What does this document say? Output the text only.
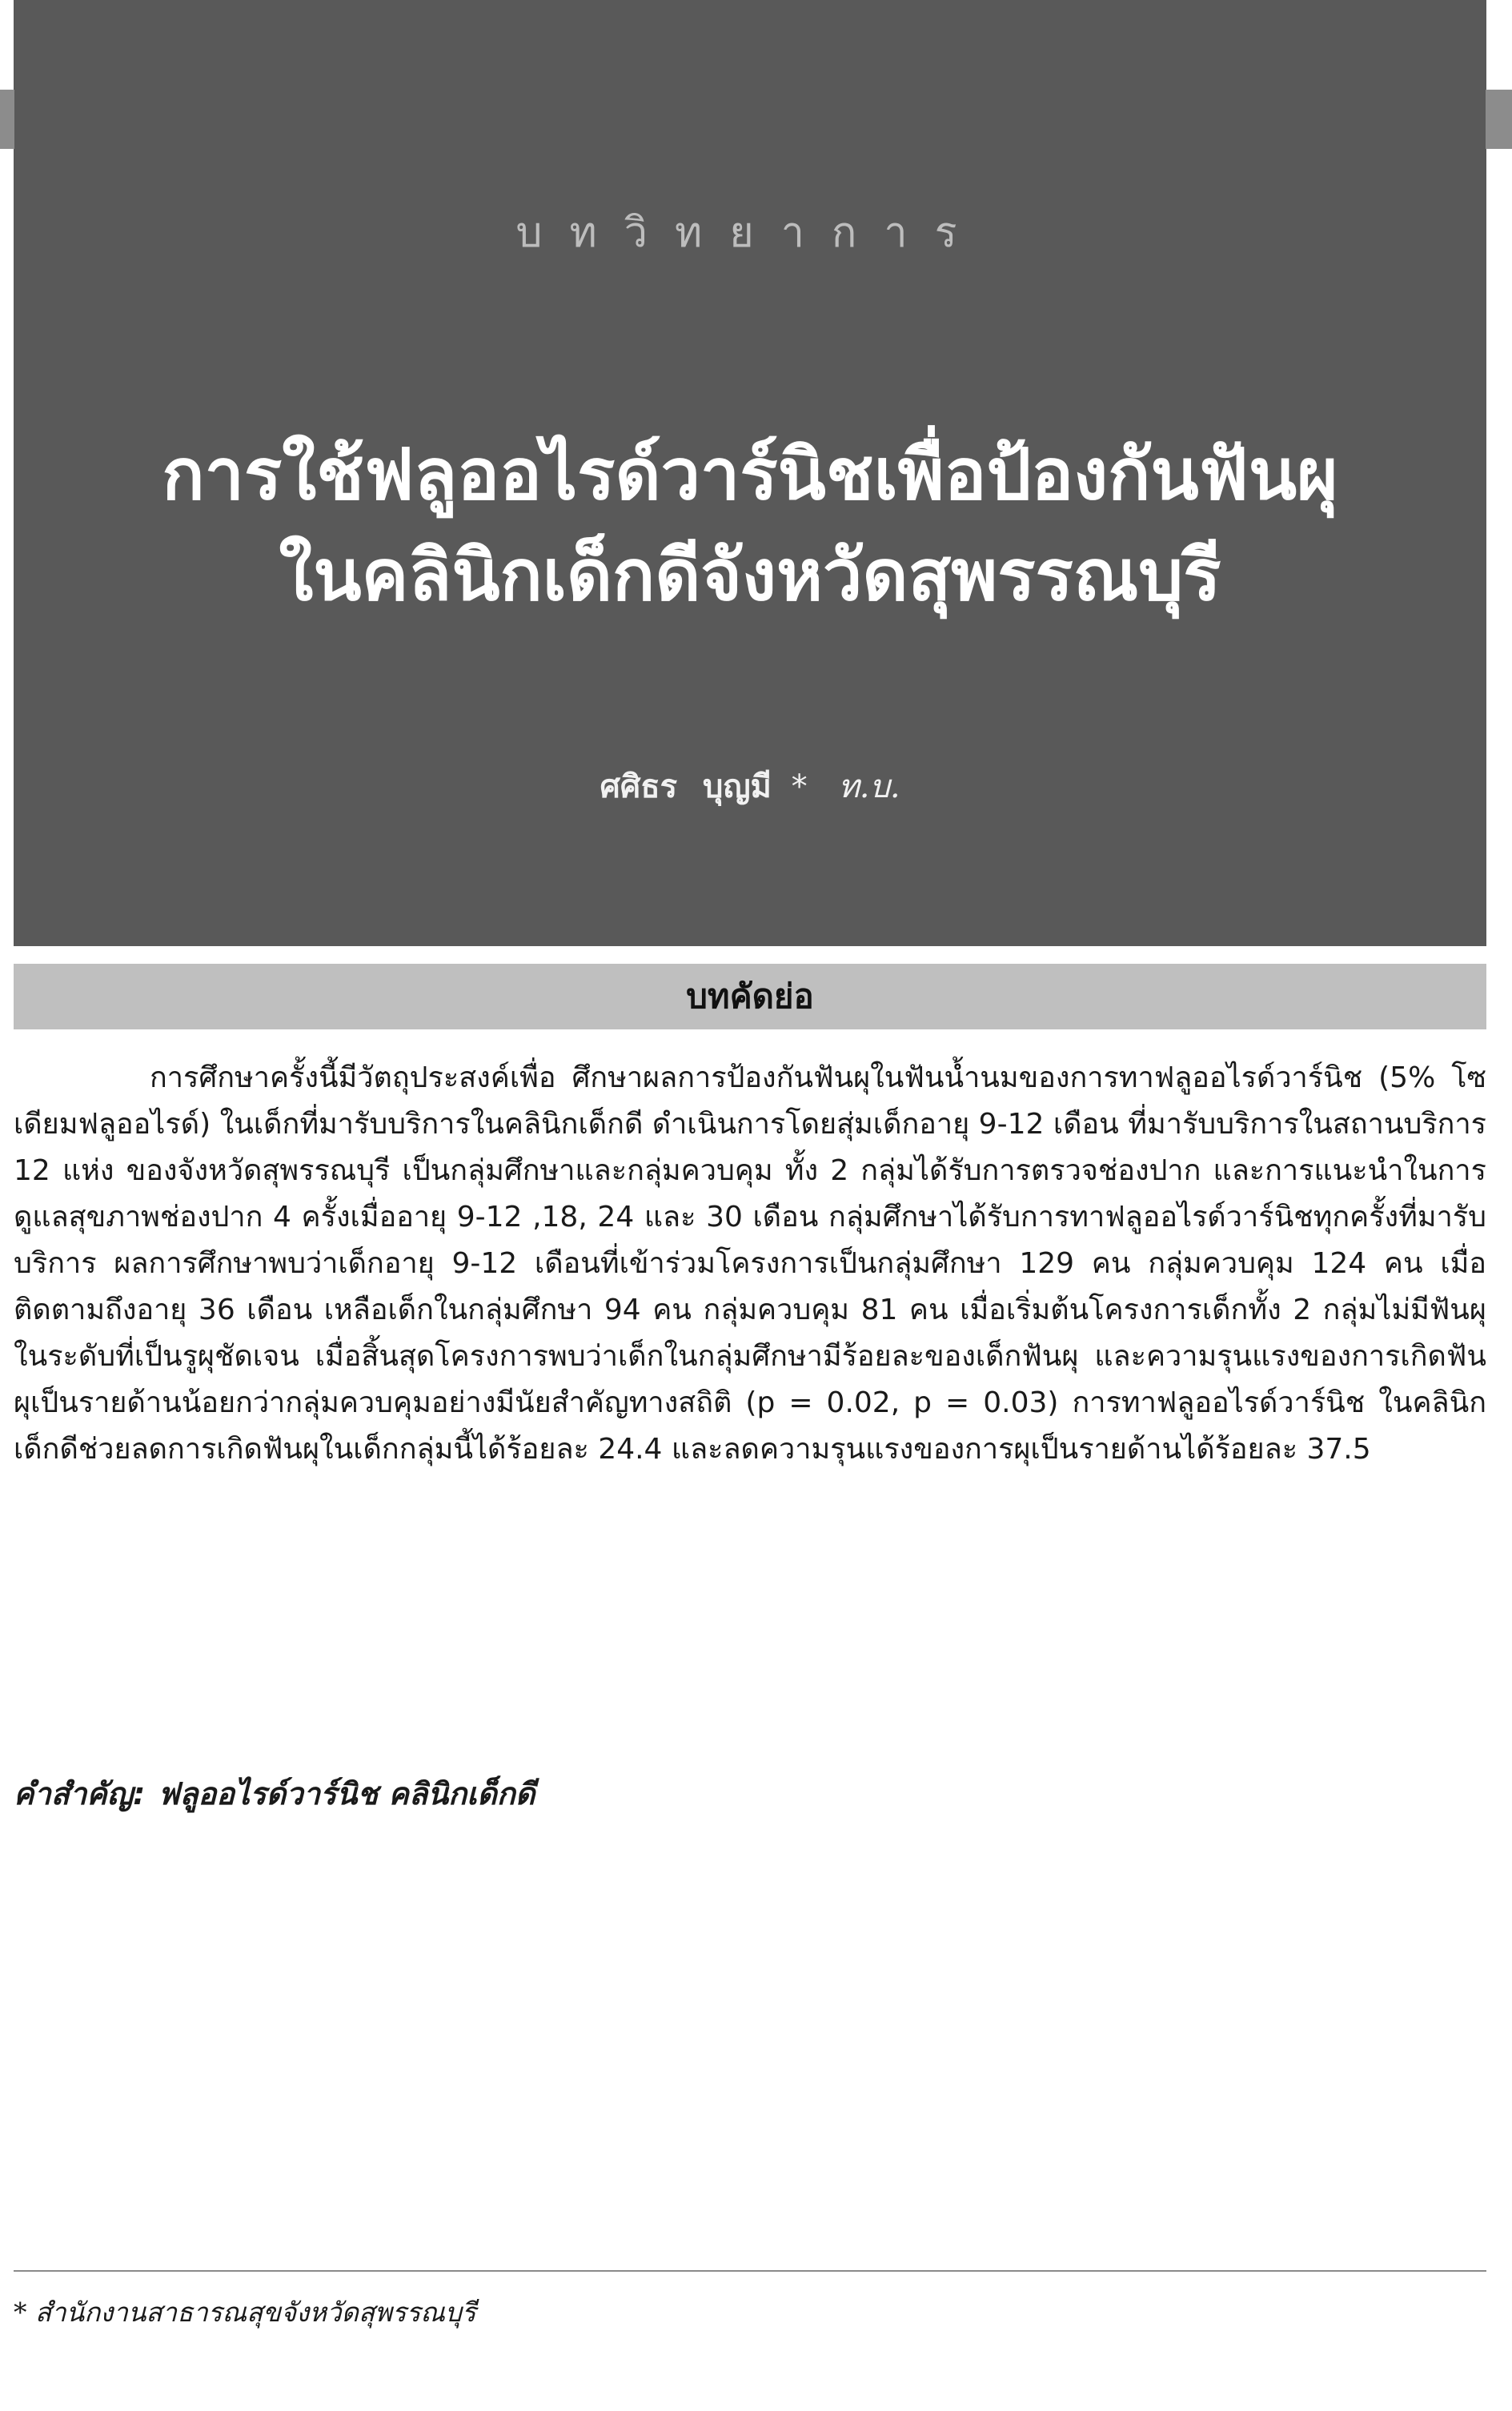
บทวิทยาการ
การใช้ฟลูออไรด์วาร์นิชเพื่อป้องกันฟันผุ
ในคลินิกเด็กดีจังหวัดสุพรรณบุรี
ศศิธร บุญมี * ท.บ.
บทคัดย่อ

การศึกษาครั้งนี้มีวัตถุประสงค์เพื่อ ศึกษาผลการป้องกันฟันผุในฟันน้ำนมของการทาฟลูออไรด์วาร์นิช (5% โซเดียมฟลูออไรด์) ในเด็กที่มารับบริการในคลินิกเด็กดี ดำเนินการโดยสุ่มเด็กอายุ 9-12 เดือน ที่มารับบริการในสถานบริการ 12 แห่ง ของจังหวัดสุพรรณบุรี เป็นกลุ่มศึกษาและกลุ่มควบคุม ทั้ง 2 กลุ่มได้รับการตรวจช่องปาก และการแนะนำในการดูแลสุขภาพช่องปาก 4 ครั้งเมื่ออายุ 9-12 ,18, 24 และ 30 เดือน กลุ่มศึกษาได้รับการทาฟลูออไรด์วาร์นิชทุกครั้งที่มารับบริการ ผลการศึกษาพบว่าเด็กอายุ 9-12 เดือนที่เข้าร่วมโครงการเป็นกลุ่มศึกษา 129 คน กลุ่มควบคุม 124 คน เมื่อติดตามถึงอายุ 36 เดือน เหลือเด็กในกลุ่มศึกษา 94 คน กลุ่มควบคุม 81 คน เมื่อเริ่มต้นโครงการเด็กทั้ง 2 กลุ่มไม่มีฟันผุในระดับที่เป็นรูผุชัดเจน เมื่อสิ้นสุดโครงการพบว่าเด็กในกลุ่มศึกษามีร้อยละของเด็กฟันผุ และความรุนแรงของการเกิดฟันผุเป็นรายด้านน้อยกว่ากลุ่มควบคุมอย่างมีนัยสำคัญทางสถิติ (p = 0.02, p = 0.03) การทาฟลูออไรด์วาร์นิช ในคลินิกเด็กดีช่วยลดการเกิดฟันผุในเด็กกลุ่มนี้ได้ร้อยละ 24.4 และลดความรุนแรงของการผุเป็นรายด้านได้ร้อยละ 37.5

คำสำคัญ: ฟลูออไรด์วาร์นิช คลินิกเด็กดี

* สำนักงานสาธารณสุขจังหวัดสุพรรณบุรี
